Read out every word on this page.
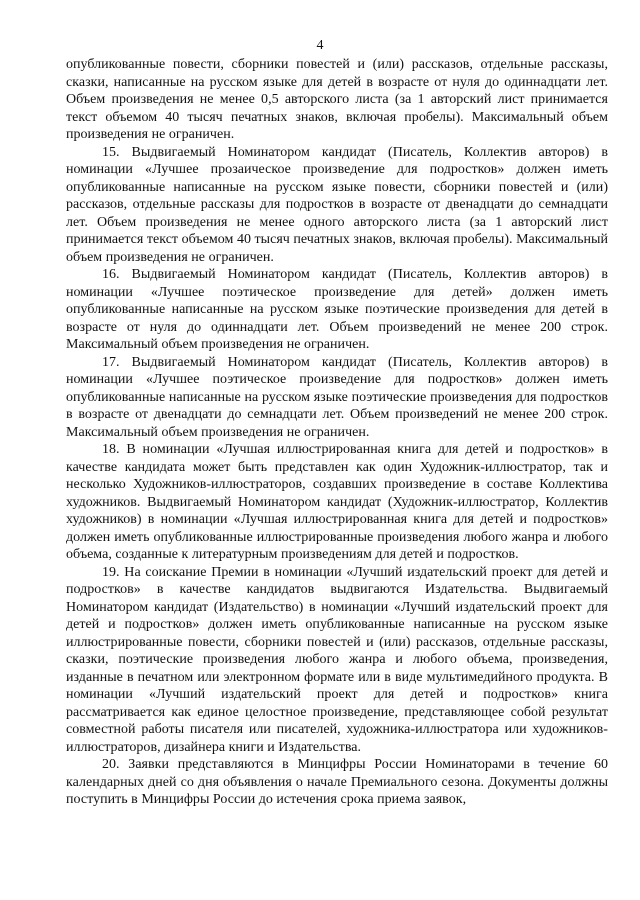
4

опубликованные повести, сборники повестей и (или) рассказов, отдельные рассказы, сказки, написанные на русском языке для детей в возрасте от нуля до одиннадцати лет. Объем произведения не менее 0,5 авторского листа (за 1 авторский лист принимается текст объемом 40 тысяч печатных знаков, включая пробелы). Максимальный объем произведения не ограничен.

15. Выдвигаемый Номинатором кандидат (Писатель, Коллектив авторов) в номинации «Лучшее прозаическое произведение для подростков» должен иметь опубликованные написанные на русском языке повести, сборники повестей и (или) рассказов, отдельные рассказы для подростков в возрасте от двенадцати до семнадцати лет. Объем произведения не менее одного авторского листа (за 1 авторский лист принимается текст объемом 40 тысяч печатных знаков, включая пробелы). Максимальный объем произведения не ограничен.

16. Выдвигаемый Номинатором кандидат (Писатель, Коллектив авторов) в номинации «Лучшее поэтическое произведение для детей» должен иметь опубликованные написанные на русском языке поэтические произведения для детей в возрасте от нуля до одиннадцати лет. Объем произведений не менее 200 строк. Максимальный объем произведения не ограничен.

17. Выдвигаемый Номинатором кандидат (Писатель, Коллектив авторов) в номинации «Лучшее поэтическое произведение для подростков» должен иметь опубликованные написанные на русском языке поэтические произведения для подростков в возрасте от двенадцати до семнадцати лет. Объем произведений не менее 200 строк. Максимальный объем произведения не ограничен.

18. В номинации «Лучшая иллюстрированная книга для детей и подростков» в качестве кандидата может быть представлен как один Художник-иллюстратор, так и несколько Художников-иллюстраторов, создавших произведение в составе Коллектива художников. Выдвигаемый Номинатором кандидат (Художник-иллюстратор, Коллектив художников) в номинации «Лучшая иллюстрированная книга для детей и подростков» должен иметь опубликованные иллюстрированные произведения любого жанра и любого объема, созданные к литературным произведениям для детей и подростков.

19. На соискание Премии в номинации «Лучший издательский проект для детей и подростков» в качестве кандидатов выдвигаются Издательства. Выдвигаемый Номинатором кандидат (Издательство) в номинации «Лучший издательский проект для детей и подростков» должен иметь опубликованные написанные на русском языке иллюстрированные повести, сборники повестей и (или) рассказов, отдельные рассказы, сказки, поэтические произведения любого жанра и любого объема, произведения, изданные в печатном или электронном формате или в виде мультимедийного продукта. В номинации «Лучший издательский проект для детей и подростков» книга рассматривается как единое целостное произведение, представляющее собой результат совместной работы писателя или писателей, художника-иллюстратора или художников-иллюстраторов, дизайнера книги и Издательства.

20. Заявки представляются в Минцифры России Номинаторами в течение 60 календарных дней со дня объявления о начале Премиального сезона. Документы должны поступить в Минцифры России до истечения срока приема заявок,
